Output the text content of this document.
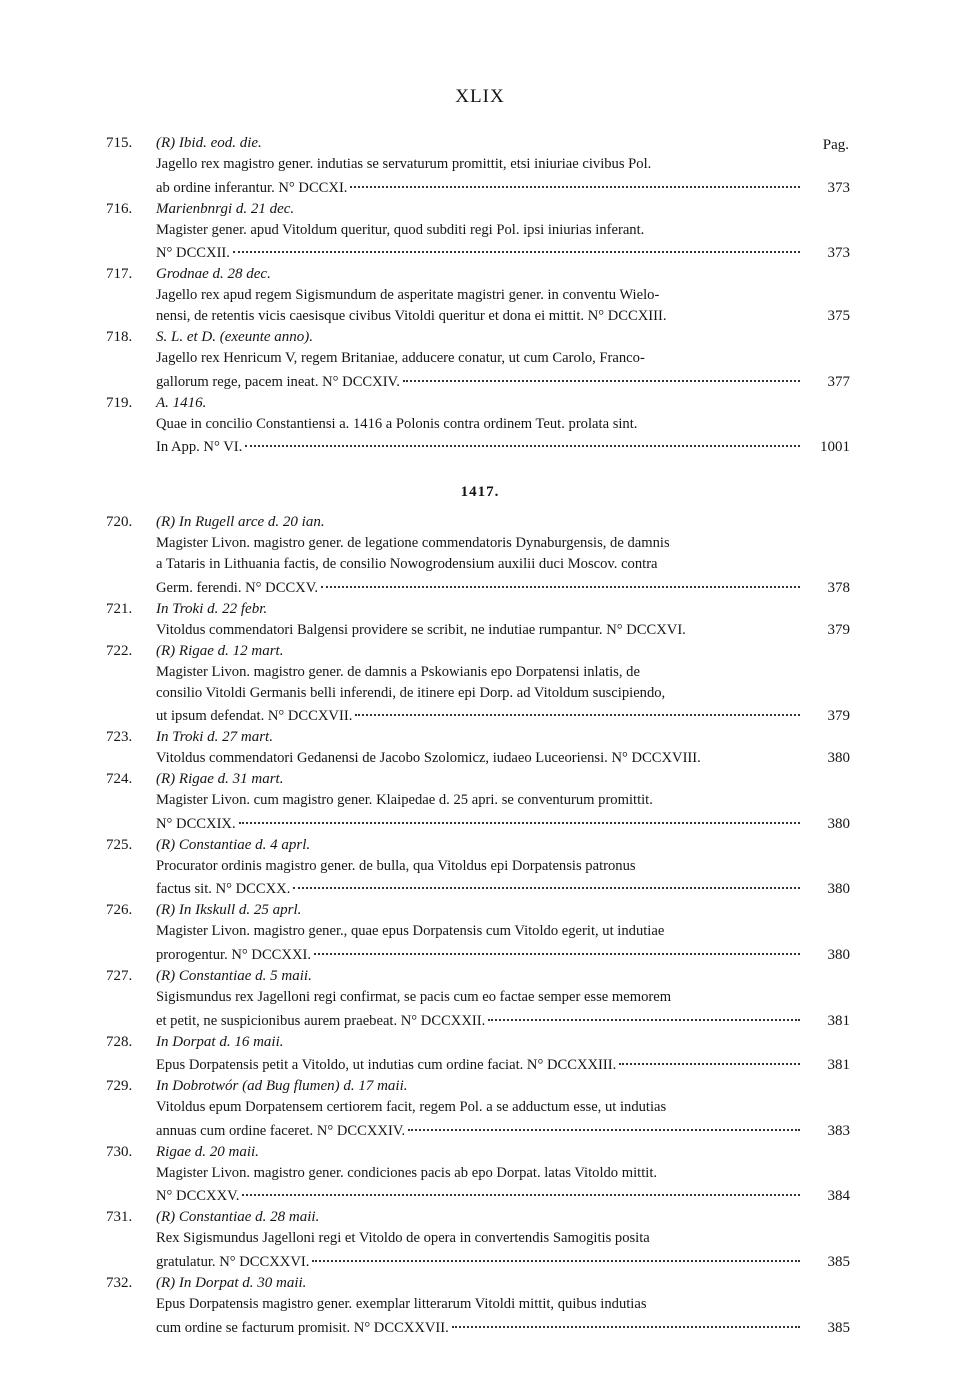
XLIX
Pag.
715.	(R) Ibid. eod. die.
Jagello rex magistro gener. indutias se servaturum promittit, etsi iniuriae civibus Pol.
ab ordine inferantur. N° DCCXI.	373
716.	Marienbnrgi d. 21 dec.
Magister gener. apud Vitoldum queritur, quod subditi regi Pol. ipsi iniurias inferant.
N° DCCXII.	373
717.	Grodnae d. 28 dec.
Jagello rex apud regem Sigismundum de asperitate magistri gener. in conventu Wielo-
nensi, de retentis vicis caesisque civibus Vitoldi queritur et dona ei mittit. N° DCCXIII.	375
718.	S. L. et D. (exeunte anno).
Jagello rex Henricum V, regem Britaniae, adducere conatur, ut cum Carolo, Franco-
gallorum rege, pacem ineat. N° DCCXIV.	377
719.	A. 1416.
Quae in concilio Constantiensi a. 1416 a Polonis contra ordinem Teut. prolata sint.
In App. N° VI.	1001
1417.
720.	(R) In Rugell arce d. 20 ian.
Magister Livon. magistro gener. de legatione commendatoris Dynaburgensis, de damnis
a Tataris in Lithuania factis, de consilio Nowogrodensium auxilii duci Moscov. contra
Germ. ferendi. N° DCCXV.	378
721.	In Troki d. 22 febr.
Vitoldus commendatori Balgensi providere se scribit, ne indutiae rumpantur. N° DCCXVI.	379
722.	(R) Rigae d. 12 mart.
Magister Livon. magistro gener. de damnis a Pskowianis epo Dorpatensi inlatis, de
consilio Vitoldi Germanis belli inferendi, de itinere epi Dorp. ad Vitoldum suscipiendo,
ut ipsum defendat. N° DCCXVII.	379
723.	In Troki d. 27 mart.
Vitoldus commendatori Gedanensi de Jacobo Szolomicz, iudaeo Luceoriensi. N° DCCXVIII.	380
724.	(R) Rigae d. 31 mart.
Magister Livon. cum magistro gener. Klaipedae d. 25 apri. se conventurum promittit.
N° DCCXIX.	380
725.	(R) Constantiae d. 4 aprl.
Procurator ordinis magistro gener. de bulla, qua Vitoldus epi Dorpatensis patronus
factus sit. N° DCCXX.	380
726.	(R) In Ikskull d. 25 aprl.
Magister Livon. magistro gener., quae epus Dorpatensis cum Vitoldo egerit, ut indutiae
prorogentur. N° DCCXXI.	380
727.	(R) Constantiae d. 5 maii.
Sigismundus rex Jagelloni regi confirmat, se pacis cum eo factae semper esse memorem
et petit, ne suspicionibus aurem praebeat. N° DCCXXII.	381
728.	In Dorpat d. 16 maii.
Epus Dorpatensis petit a Vitoldo, ut indutias cum ordine faciat. N° DCCXXIII.	381
729.	In Dobrotwór (ad Bug flumen) d. 17 maii.
Vitoldus epum Dorpatensem certiorem facit, regem Pol. a se adductum esse, ut indutias
annuas cum ordine faceret. N° DCCXXIV.	383
730.	Rigae d. 20 maii.
Magister Livon. magistro gener. condiciones pacis ab epo Dorpat. latas Vitoldo mittit.
N° DCCXXV.	384
731.	(R) Constantiae d. 28 maii.
Rex Sigismundus Jagelloni regi et Vitoldo de opera in convertendis Samogitis posita
gratulatur. N° DCCXXVI.	385
732.	(R) In Dorpat d. 30 maii.
Epus Dorpatensis magistro gener. exemplar litterarum Vitoldi mittit, quibus indutias
cum ordine se facturum promisit. N° DCCXXVII.	385
